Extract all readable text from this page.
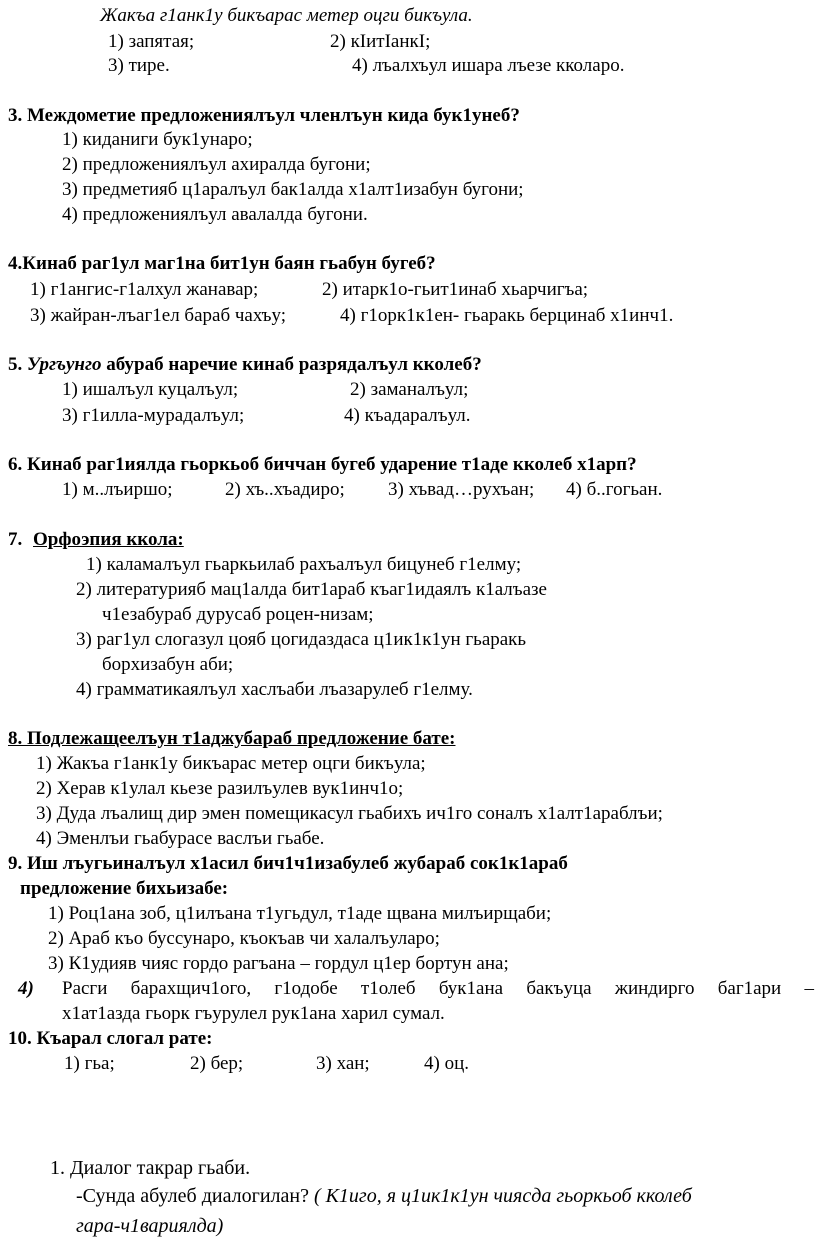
Жакъа г1анк1у бикъарас метер оцги бикъула.
1) запятая;	2) кIитIанкI;
3) тире.	4) лъалхъул ишара лъезе кколаро.
3. Междометие предложениялъул членлъун кида бук1унеб?
1) киданиги бук1унаро;
2) предложениялъул ахиралда бугони;
3) предметияб ц1аралъул бак1алда х1алт1изабун бугони;
4) предложениялъул авалалда бугони.
4.Кинаб раг1ул маг1на бит1ун баян гьабун бугеб?
1) г1ангис-г1алхул жанавар;	2) итарк1о-гьит1инаб хьарчигъа;
3) жайран-лъаг1ел бараб чахъу;	4) г1орк1к1ен- гьаракь берцинаб х1инч1.
5. Ургъунго абураб наречие кинаб разрядалъул кколеб?
1) ишалъул куцалъул;	2) заманалъул;
3) г1илла-мурадалъул;	4) къадаралъул.
6. Кинаб раг1иялда гьоркьоб биччан бугеб ударение т1аде кколеб х1арп?
1) м..лъиршо;	2) хъ..хъадиро; 3) хъвад…рухъан; 4) б..гогьан.
7. Орфоэпия ккола:
1) каламалъул гьаркьилаб рахъалъул бицунеб г1елму;
2) литературияб мац1алда бит1араб къаг1идаялъ к1алъазе
ч1езабураб дурусаб роцен-низам;
3) раг1ул слогазул цояб цогидаздаса ц1ик1к1ун гьаракь
борхизабун аби;
4) грамматикаялъул хаслъаби лъазарулеб г1елму.
8. Подлежащеелъун т1аджубараб предложение бате:
1) Жакъа г1анк1у бикъарас метер оцги бикъула;
2) Херав к1улал кьезе разилъулев вук1инч1о;
3) Дуда лъалищ дир эмен помещикасул гьабихъ ич1го соналъ х1алт1араблъи;
4) Эменлъи гьабурасе васлъи гьабе.
9. Иш лъугьиналъул х1асил бич1ч1изабулеб жубараб сок1к1араб
предложение бихьизабе:
1) Роц1ана зоб, ц1илъана т1угьдул, т1аде щвана милъирщаби;
2) Араб къо буссунаро, къокъав чи халалъуларо;
3) К1удияв чияс гордо рагъана – гордул ц1ер бортун ана;
4) Расги барахщич1ого, г1одобе т1олеб бук1ана бакъуца жиндирго баг1ари –
х1ат1азда гьорк гъурулел рук1ана харил сумал.
10. Къарал слогал рате:
1) гьа;	2) бер;	3) хан;	4) оц.
1. Диалог такрар гьаби.
-Сунда абулеб диалогилан? ( К1иго, я ц1ик1к1ун чиясда гьоркьоб кколеб
гара-ч1вариялда)
